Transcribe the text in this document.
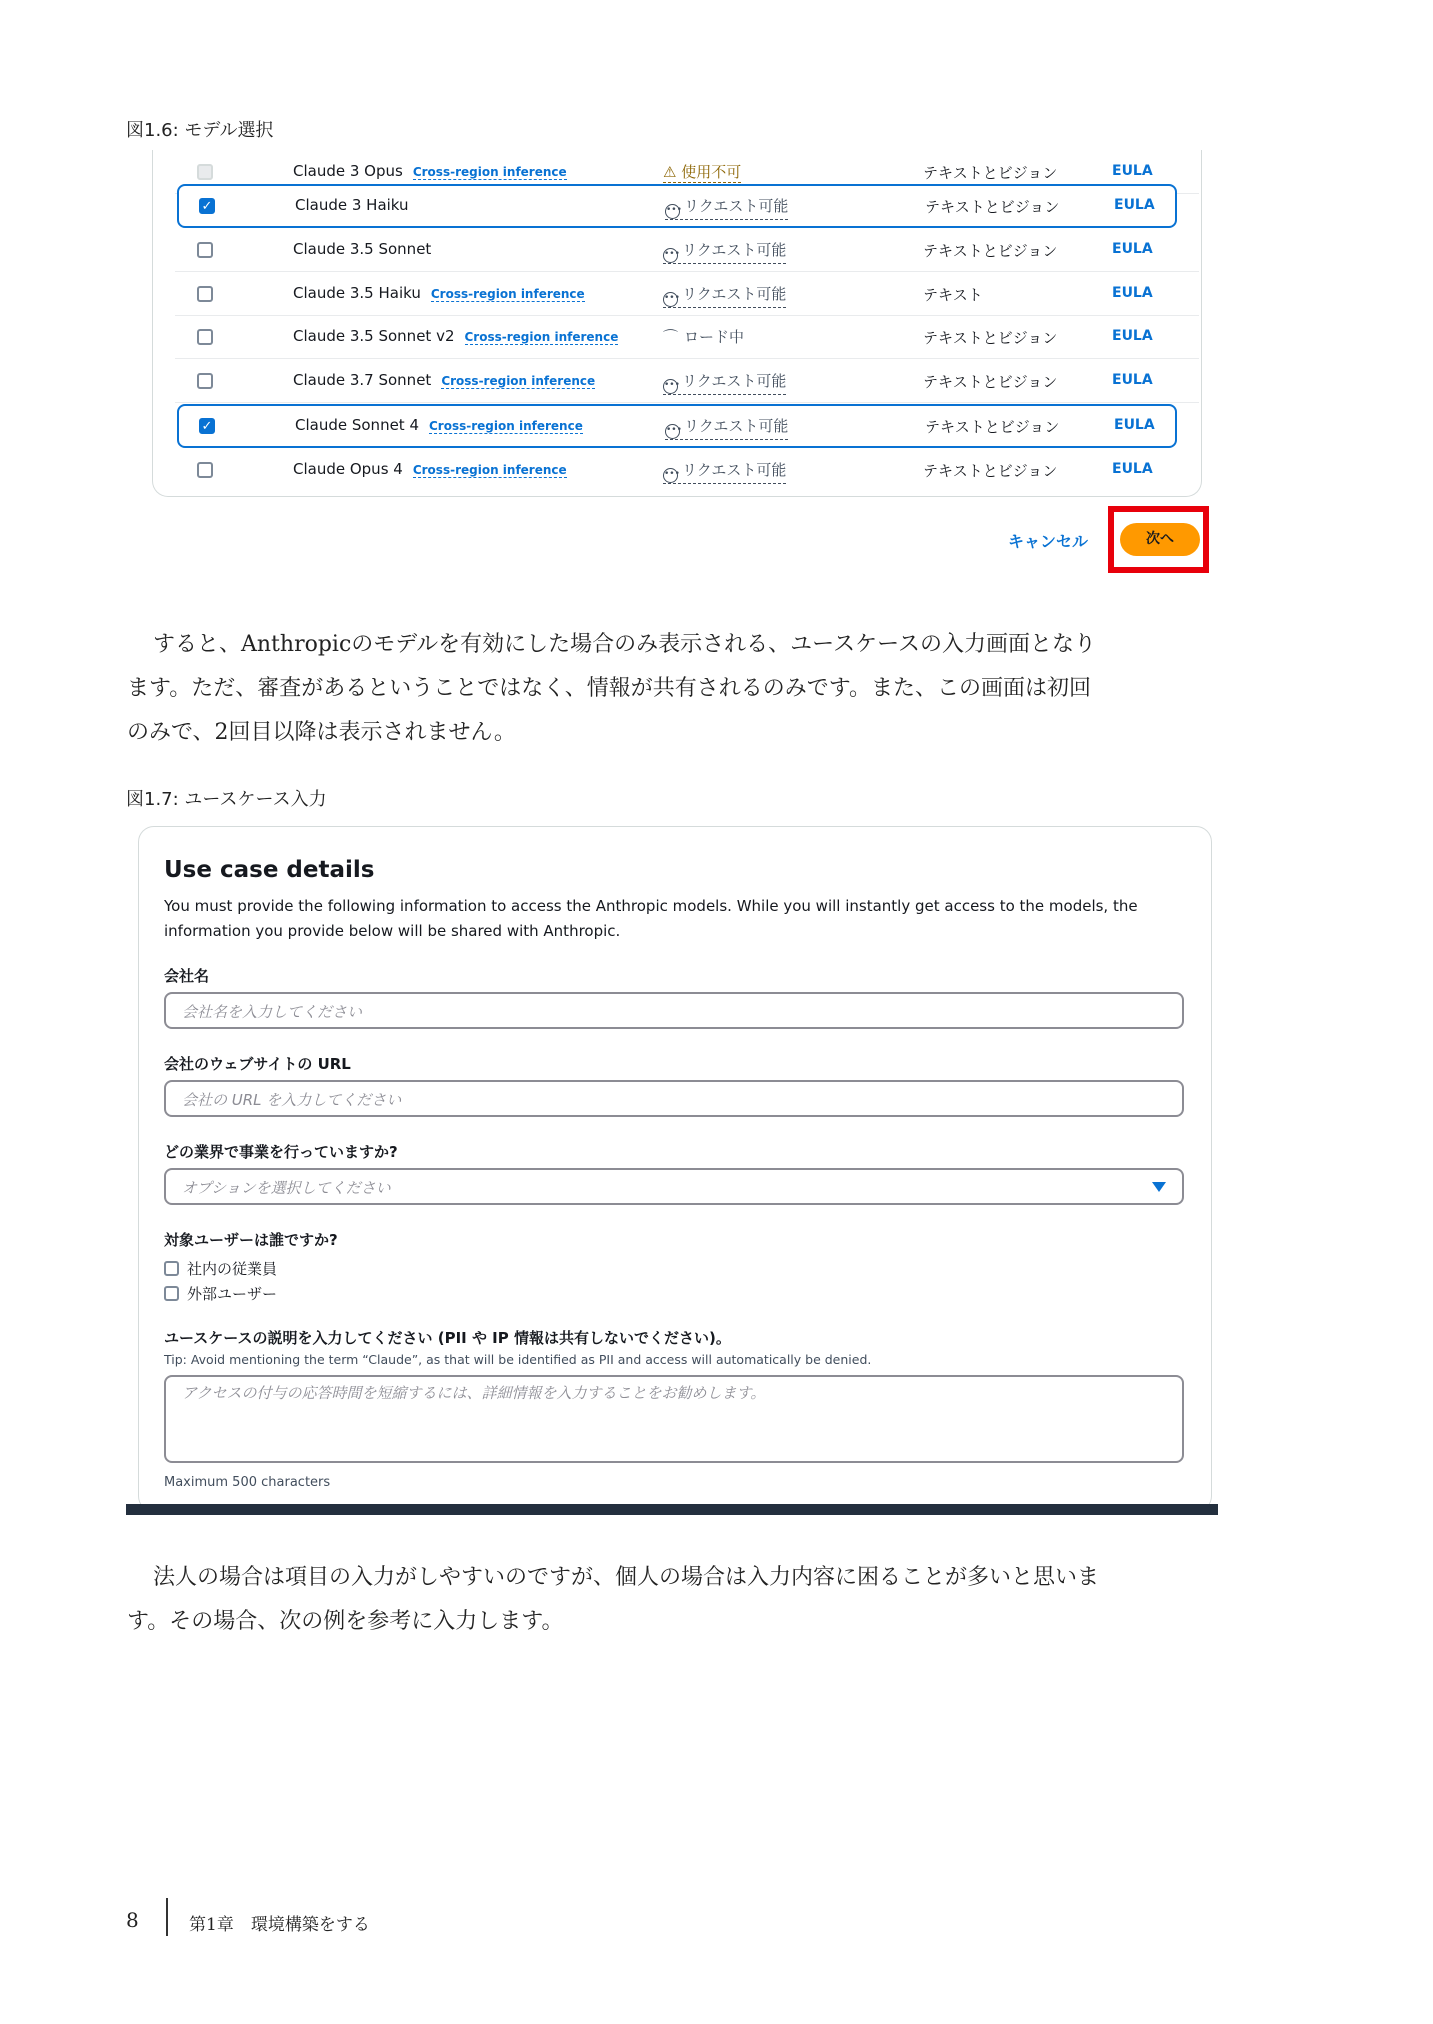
図1.6: モデル選択
Claude 3 Opus Cross-region inference	⚠ 使用不可	テキストとビジョン	EULA
✓	Claude 3 Haiku	••• リクエスト可能	テキストとビジョン	EULA
Claude 3.5 Sonnet	••• リクエスト可能	テキストとビジョン	EULA
Claude 3.5 Haiku Cross-region inference	••• リクエスト可能	テキスト	EULA
Claude 3.5 Sonnet v2 Cross-region inference	⌒ ロード中	テキストとビジョン	EULA
Claude 3.7 Sonnet Cross-region inference	••• リクエスト可能	テキストとビジョン	EULA
✓	Claude Sonnet 4 Cross-region inference	••• リクエスト可能	テキストとビジョン	EULA
Claude Opus 4 Cross-region inference	••• リクエスト可能	テキストとビジョン	EULA
キャンセル	次へ
すると、Anthropicのモデルを有効にした場合のみ表示される、ユースケースの入力画面となり
ます。ただ、審査があるということではなく、情報が共有されるのみです。また、この画面は初回
のみで、2回目以降は表示されません。
図1.7: ユースケース入力
Use case details
You must provide the following information to access the Anthropic models. While you will instantly get access to the models, the
information you provide below will be shared with Anthropic.
会社名
会社名を入力してください
会社のウェブサイトの URL
会社の URL を入力してください
どの業界で事業を行っていますか?
オプションを選択してください
対象ユーザーは誰ですか?
社内の従業員
外部ユーザー
ユースケースの説明を入力してください (PII や IP 情報は共有しないでください)。
Tip: Avoid mentioning the term “Claude”, as that will be identified as PII and access will automatically be denied.
アクセスの付与の応答時間を短縮するには、詳細情報を入力することをお勧めします。
Maximum 500 characters
法人の場合は項目の入力がしやすいのですが、個人の場合は入力内容に困ることが多いと思いま
す。その場合、次の例を参考に入力します。
8	第1章　環境構築をする
